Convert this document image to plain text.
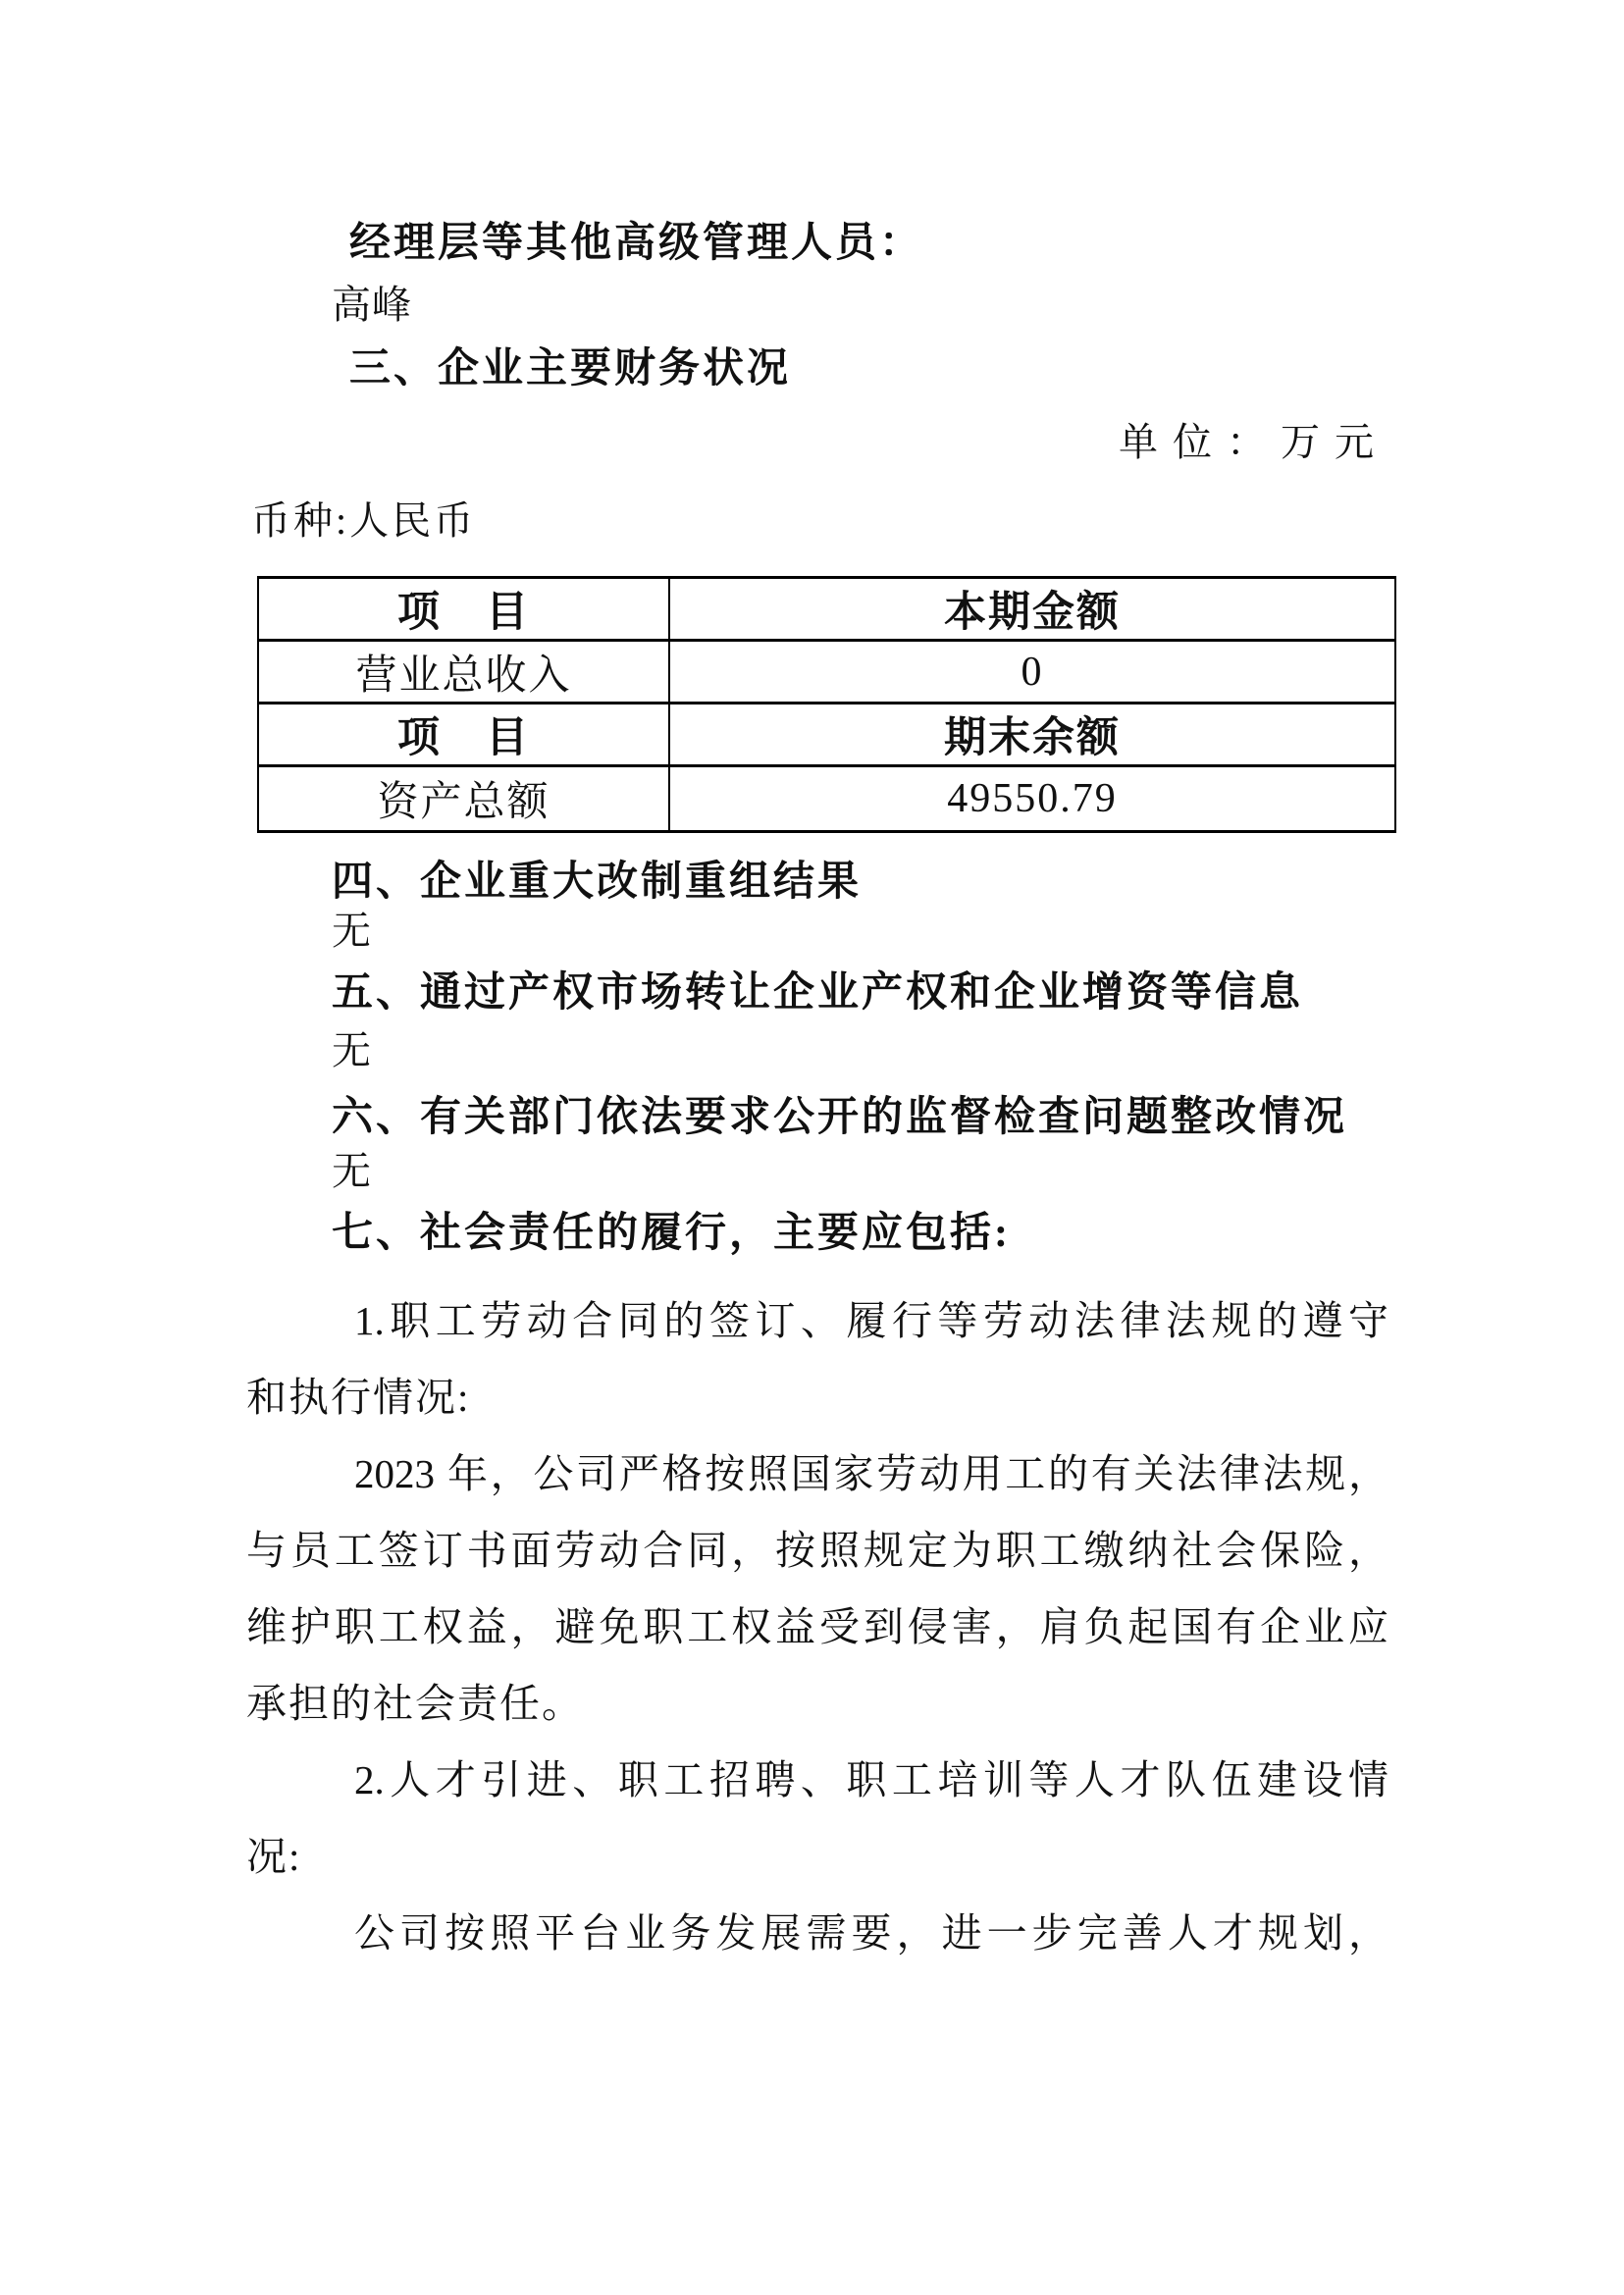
经理层等其他高级管理人员：
高峰
三、企业主要财务状况
单位：万元
币种:人民币
项　目	本期金额
营业总收入	0
项　目	期末余额
资产总额	49550.79
四、企业重大改制重组结果
无
五、通过产权市场转让企业产权和企业增资等信息
无
六、有关部门依法要求公开的监督检查问题整改情况
无
七、社会责任的履行，主要应包括:
1.职工劳动合同的签订、履行等劳动法律法规的遵守
和执行情况:
2023 年，公司严格按照国家劳动用工的有关法律法规，
与员工签订书面劳动合同，按照规定为职工缴纳社会保险，
维护职工权益，避免职工权益受到侵害，肩负起国有企业应
承担的社会责任。
2.人才引进、职工招聘、职工培训等人才队伍建设情
况:
公司按照平台业务发展需要，进一步完善人才规划，
